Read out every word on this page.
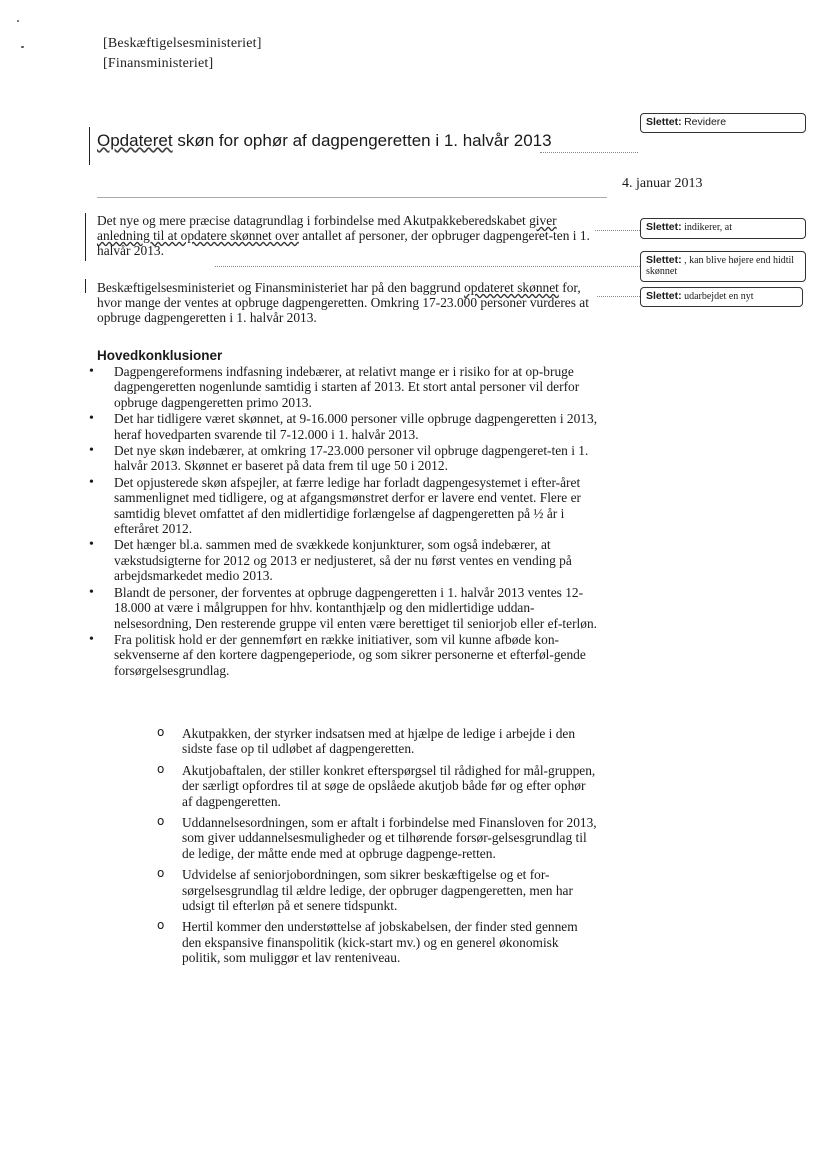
[Beskæftigelsesministeriet]
[Finansministeriet]
Opdateret skøn for ophør af dagpengeretten i 1. halvår 2013
4. januar 2013
Det nye og mere præcise datagrundlag i forbindelse med Akutpakkeberedskabet giver anledning til at opdatere skønnet over antallet af personer, der opbruger dagpengeret-ten i 1. halvår 2013.
Beskæftigelsesministeriet og Finansministeriet har på den baggrund opdateret skønnet for, hvor mange der ventes at opbruge dagpengeretten. Omkring 17-23.000 personer vurderes at opbruge dagpengeretten i 1. halvår 2013.
Hovedkonklusioner
• Dagpengereformens indfasning indebærer, at relativt mange er i risiko for at op-bruge dagpengeretten nogenlunde samtidig i starten af 2013. Et stort antal personer vil derfor opbruge dagpengeretten primo 2013.
• Det har tidligere været skønnet, at 9-16.000 personer ville opbruge dagpengeretten i 2013, heraf hovedparten svarende til 7-12.000 i 1. halvår 2013.
• Det nye skøn indebærer, at omkring 17-23.000 personer vil opbruge dagpengeret-ten i 1. halvår 2013. Skønnet er baseret på data frem til uge 50 i 2012.
• Det opjusterede skøn afspejler, at færre ledige har forladt dagpengesystemet i efter-året sammenlignet med tidligere, og at afgangsmønstret derfor er lavere end ventet. Flere er samtidig blevet omfattet af den midlertidige forlængelse af dagpengeretten på ½ år i efteråret 2012.
• Det hænger bl.a. sammen med de svækkede konjunkturer, som også indebærer, at vækstudsigterne for 2012 og 2013 er nedjusteret, så der nu først ventes en vending på arbejdsmarkedet medio 2013.
• Blandt de personer, der forventes at opbruge dagpengeretten i 1. halvår 2013 ventes 12-18.000 at være i målgruppen for hhv. kontanthjælp og den midlertidige uddan-nelsesordning, Den resterende gruppe vil enten være berettiget til seniorjob eller ef-terløn.
• Fra politisk hold er der gennemført en række initiativer, som vil kunne afbøde kon-sekvenserne af den kortere dagpengeperiode, og som sikrer personerne et efterføl-gende forsørgelsesgrundlag.
o Akutpakken, der styrker indsatsen med at hjælpe de ledige i arbejde i den sidste fase op til udløbet af dagpengeretten.
o Akutjobaftalen, der stiller konkret efterspørgsel til rådighed for mål-gruppen, der særligt opfordres til at søge de opslåede akutjob både før og efter ophør af dagpengeretten.
o Uddannelsesordningen, som er aftalt i forbindelse med Finansloven for 2013, som giver uddannelsesmuligheder og et tilhørende forsør-gelsesgrundlag til de ledige, der måtte ende med at opbruge dagpenge-retten.
o Udvidelse af seniorjobordningen, som sikrer beskæftigelse og et for-sørgelsesgrundlag til ældre ledige, der opbruger dagpengeretten, men har udsigt til efterløn på et senere tidspunkt.
o Hertil kommer den understøttelse af jobskabelsen, der finder sted gennem den ekspansive finanspolitik (kick-start mv.) og en generel økonomisk politik, som muliggør et lav renteniveau.
Slettet: Revidere
Slettet: indikerer, at
Slettet: , kan blive højere end hidtil skønnet
Slettet: udarbejdet en nyt
